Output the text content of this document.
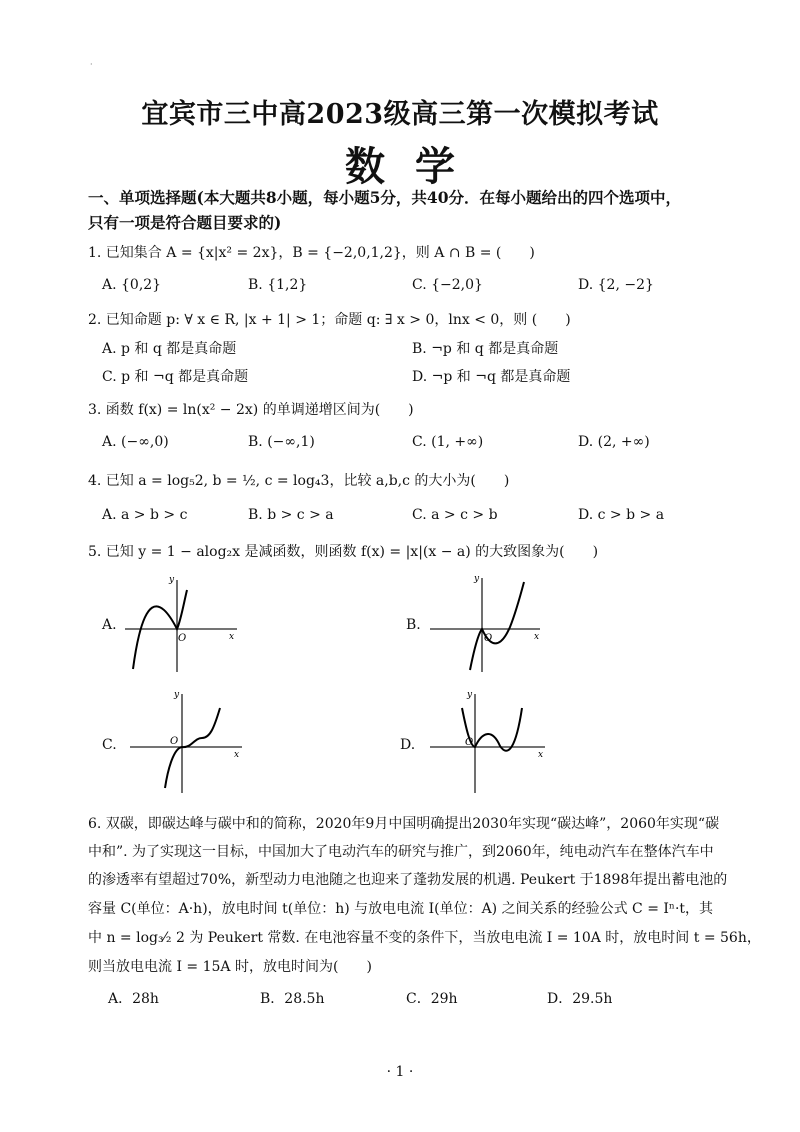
·
宜宾市三中高2023级高三第一次模拟考试
数学
一、单项选择题(本大题共8小题，每小题5分，共40分．在每小题给出的四个选项中，
只有一项是符合题目要求的)
1. 已知集合 A = {x|x² = 2x}，B = {−2,0,1,2}，则 A ∩ B = (　　)
A. {0,2}	B. {1,2}	C. {−2,0}	D. {2, −2}
2. 已知命题 p: ∀ x ∈ R, |x + 1| > 1；命题 q: ∃ x > 0，lnx < 0，则 (　　)
A. p 和 q 都是真命题	B. ¬p 和 q 都是真命题
C. p 和 ¬q 都是真命题	D. ¬p 和 ¬q 都是真命题
3. 函数 f(x) = ln(x² − 2x) 的单调递增区间为(　　)
A. (−∞,0)	B. (−∞,1)	C. (1, +∞)	D. (2, +∞)
4. 已知 a = log₅2, b = ½, c = log₄3，比较 a,b,c 的大小为(　　)
A. a > b > c	B. b > c > a	C. a > c > b	D. c > b > a
5. 已知 y = 1 − alog₂x 是减函数，则函数 f(x) = |x|(x − a) 的大致图象为(　　)
A.
y
x
O
B.
y
x
O
C.
y
x
O	D.
y
x
O
6. 双碳，即碳达峰与碳中和的简称，2020年9月中国明确提出2030年实现“碳达峰”，2060年实现“碳
中和”. 为了实现这一目标，中国加大了电动汽车的研究与推广，到2060年，纯电动汽车在整体汽车中
的渗透率有望超过70%，新型动力电池随之也迎来了蓬勃发展的机遇. Peukert 于1898年提出蓄电池的
容量 C(单位：A·h)，放电时间 t(单位：h) 与放电电流 I(单位：A) 之间关系的经验公式 C = Iⁿ·t，其
中 n = log₃⁄₂ 2 为 Peukert 常数. 在电池容量不变的条件下，当放电电流 I = 10A 时，放电时间 t = 56h，
则当放电电流 I = 15A 时，放电时间为(　　)
A．28h	B．28.5h	C．29h	D．29.5h
· 1 ·
